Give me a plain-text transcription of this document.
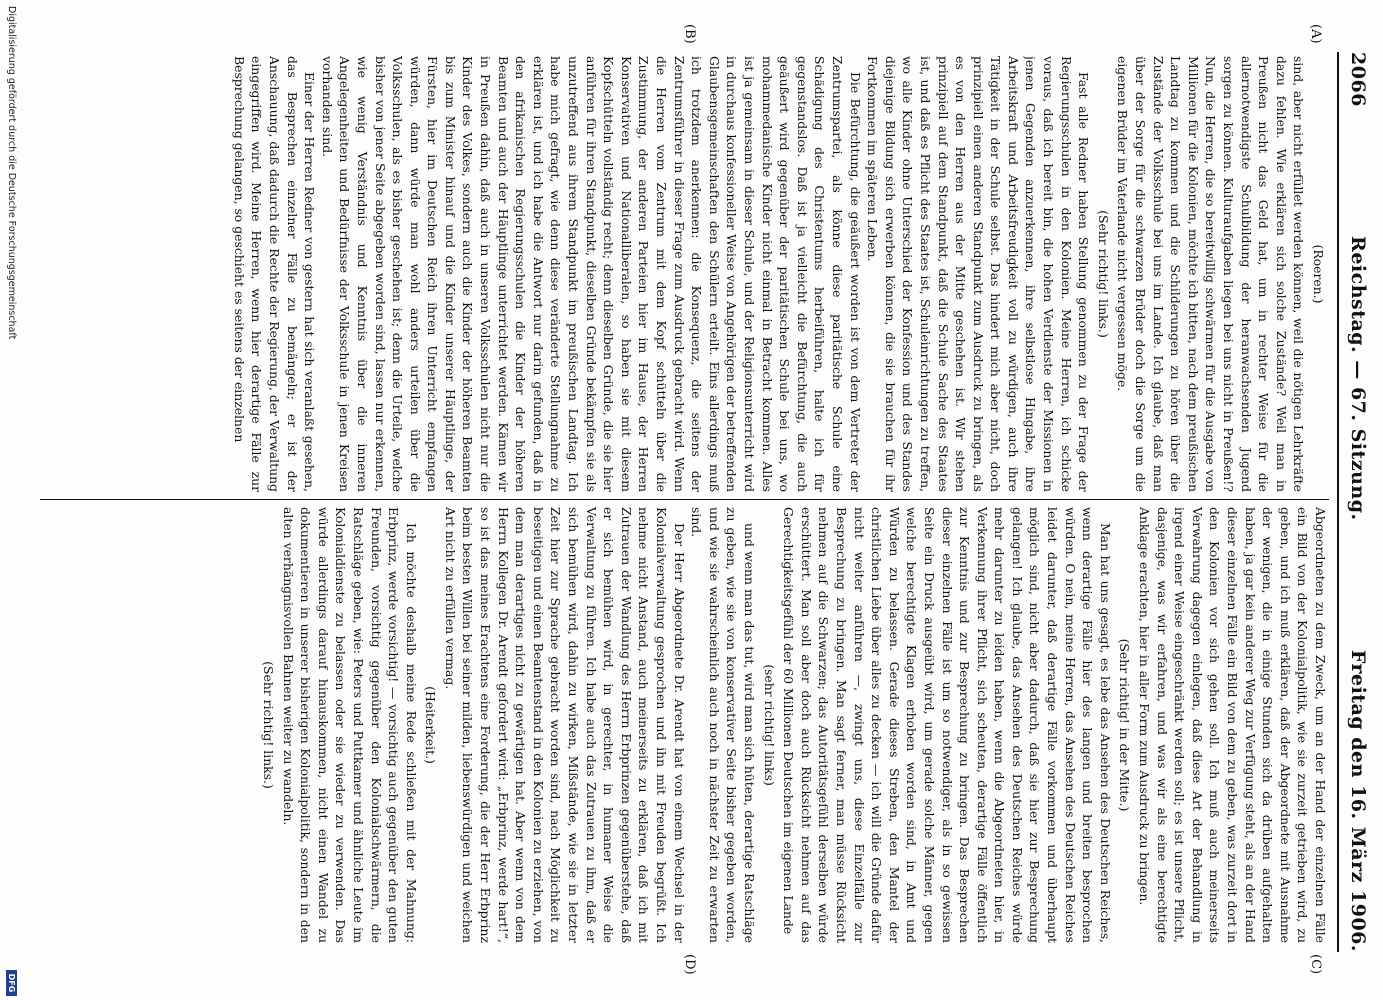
2066
Reichstag. — 67. Sitzung.
Freitag den 16. März 1906.
(A)
(B)
(C)
(D)

(Roeren.)

sind, aber nicht erfüllet werden können, weil die nötigen Lehrkräfte dazu fehlen. Wie erklären sich solche Zustände? Weil man in Preußen nicht das Geld hat, um in rechter Weise für die allernotwendigste Schulbildung der heranwachsenden Jugend sorgen zu können. Kulturaufgaben liegen bei uns nicht in Preußen!? Nun, die Herren, die so bereitwillig schwärmen für die Ausgabe von Millionen für die Kolonien, möchte ich bitten, nach dem preußischen Landtag zu kommen und die Schilderungen zu hören über die Zustände der Volksschule bei uns im Lande. Ich glaube, daß man über der Sorge für die schwarzen Brüder doch die Sorge um die eigenen Brüder im Vaterlande nicht vergessen möge.

(Sehr richtig! links.)

Fast alle Redner haben Stellung genommen zu der Frage der Regierungsschulen in den Kolonien. Meine Herren, ich schicke voraus, daß ich bereit bin, die hohen Verdienste der Missionen in jenen Gegenden anzuerkennen, ihre selbstlose Hingabe, ihre Arbeitskraft und Arbeitsfreudigkeit voll zu würdigen, auch ihre Tätigkeit in der Schule selbst. Das hindert mich aber nicht, doch prinzipiell einen anderen Standpunkt zum Ausdruck zu bringen, als es von den Herren aus der Mitte geschehen ist. Wir stehen prinzipiell auf dem Standpunkt, daß die Schule Sache des Staates ist, und daß es Pflicht des Staates ist, Schuleinrichtungen zu treffen, wo alle Kinder ohne Unterschied der Konfession und des Standes diejenige Bildung sich erwerben können, die sie brauchen für ihr Fortkommen im späteren Leben.

Die Befürchtung, die geäußert worden ist von dem Vertreter der Zentrumspartei, als könne diese paritätische Schule eine Schädigung des Christentums herbeiführen, halte ich für gegenstandslos. Daß ist ja vielleicht die Befürchtung, die auch geäußert wird gegenüber der paritätischen Schule bei uns, wo mohammedanische Kinder nicht einmal in Betracht kommen. Alles ist ja gemeinsam in dieser Schule, und der Religionsunterricht wird in durchaus konfessioneller Weise von Angehörigen der betreffenden Glaubensgemeinschaften den Schülern erteilt. Eins allerdings muß ich trotzdem anerkennen: die Konsequenz, die seitens der Zentrumsführer in dieser Frage zum Ausdruck gebracht wird. Wenn die Herren vom Zentrum mit dem Kopf schütteln über die Zustimmung, der anderen Parteien hier im Hause, der Herren Konservativen und Nationalliberalen, so haben sie mit diesem Kopfschütteln vollständig recht; denn dieselben Gründe, die sie hier anführen für ihren Standpunkt, dieselben Gründe bekämpfen sie als unzutreffend aus ihrem Standpunkt im preußischen Landtag. Ich habe mich gefragt, wie denn diese veränderte Stellungnahme zu erklären ist, und ich habe die Antwort nur darin gefunden, daß in den afrikanischen Regierungsschulen die Kinder der höheren Beamten und auch der Häuptlinge unterrichtet werden. Kämen wir in Preußen dahin, daß auch in unseren Volksschulen nicht nur die Kinder des Volkes, sondern auch die Kinder der höheren Beamten bis zum Minister hinauf und die Kinder unserer Häuptlinge, der Fürsten, hier im Deutschen Reich ihren Unterricht empfangen würden, dann würde man wohl anders urteilen über die Volksschulen, als es bisher geschehen ist; denn die Urteile, welche bisher von jener Seite abgegeben worden sind, lassen nur erkennen, wie wenig Verständnis und Kenntnis über die inneren Angelegenheiten und Bedürfnisse der Volksschule in jenen Kreisen vorhanden sind.

Einer der Herren Redner von gestern hat sich veranlaßt gesehen, das Besprechen einzelner Fälle zu bemängeln; er ist der Anschauung, daß dadurch die Rechte der Regierung, der Verwaltung eingegriffen wird. Meine Herren, wenn hier derartige Fälle zur Besprechung gelangen, so geschieht es seitens der einzelnen

Abgeordneten zu dem Zweck, um an der Hand der einzelnen Fälle ein Bild von der Kolonialpolitik, wie sie zurzeit getrieben wird, zu geben, und ich muß erklären, daß der Abgeordnete mit Ausnahme der wenigen, die in einige Stunden sich da drüben aufgehalten haben, ja gar kein anderer Weg zur Verfügung steht, als an der Hand dieser einzelnen Fälle ein Bild von dem zu geben, was zurzeit dort in den Kolonien vor sich gehen soll. Ich muß auch meinerseits Verwahrung dagegen einlegen, daß diese Art der Behandlung in irgend einer Weise eingeschränkt werden soll; es ist unsere Pflicht, dasjenige, was wir erfahren, und was wir als eine berechtigte Anklage erachten, hier in aller Form zum Ausdruck zu bringen.

(Sehr richtig! in der Mitte.)

Man hat uns gesagt, es lebe das Ansehen des Deutschen Reiches, wenn derartige Fälle hier des langen und breiten besprochen würden. O nein, meine Herren, das Ansehen des Deutschen Reiches leidet darunter, daß derartige Fälle vorkommen und überhaupt möglich sind, nicht aber dadurch, daß sie hier zur Besprechung gelangen! Ich glaube, das Ansehen des Deutschen Reiches würde mehr darunter zu leiden haben, wenn die Abgeordneten hier, in Verkennung ihrer Pflicht, sich scheuten, derartige Fälle öffentlich zur Kenntnis und zur Besprechung zu bringen. Das Besprechen dieser einzelnen Fälle ist um so notwendiger, als in so gewissen Seite ein Druck ausgeübt wird, um gerade solche Männer, gegen welche berechtigte Klagen erhoben worden sind, in Amt und Würden zu belassen. Gerade dieses Streben, den Mantel der christlichen Liebe über alles zu decken — ich will die Gründe dafür nicht weiter anführen —, zwingt uns, diese Einzelfälle zur Besprechung zu bringen. Man sagt ferner, man müsse Rücksicht nehmen auf die Schwarzen; das Autoritätsgefühl derselben würde erschüttert. Man soll aber doch auch Rücksicht nehmen auf das Gerechtigkeitsgefühl der 60 Millionen Deutschen im eigenen Lande

(sehr richtig! links)

und wenn man das tut, wird man sich hüten, derartige Ratschläge zu geben, wie sie von konservativer Seite bisher gegeben worden, und wie sie wahrscheinlich auch noch in nächster Zeit zu erwarten sind.

Der Herr Abgeordnete Dr. Arendt hat von einem Wechsel in der Kolonialverwaltung gesprochen und ihn mit Freuden begrüßt. Ich nehme nicht Anstand, auch meinerseits zu erklären, daß ich mit Zutrauen der Wandlung des Herrn Erbprinzen gegenüberstehe, daß er sich bemühen wird, in gerechter, in humaner Weise die Verwaltung zu führen. Ich habe auch das Zutrauen zu ihm, daß er sich bemühen wird, dahin zu wirken, Mißstände, wie sie in letzter Zeit hier zur Sprache gebracht worden sind, nach Möglichkeit zu beseitigen und einen Beamtenstand in den Kolonien zu erziehen, von dem man derartiges nicht zu gewärtigen hat. Aber wenn von dem Herrn Kollegen Dr. Arendt gefordert wird: „Erbprinz, werde hart!“, so ist das meines Erachtens eine Forderung, die der Herr Erbprinz beim besten Willen bei seiner milden, liebenswürdigen und weichen Art nicht zu erfüllen vermag.

(Heiterkeit.)

Ich möchte deshalb meine Rede schließen mit der Mahnung: Erbprinz, werde vorsichtig! — vorsichtig auch gegenüber den guten Freunden, vorsichtig gegenüber den Kolonialschwärmern, die Ratschläge geben, wie: Peters und Puttkamer und ähnliche Leute im Kolonialdienste zu belassen oder sie wieder zu verwenden. Das würde allerdings darauf hinauskommen, nicht einen Wandel zu dokumentieren in unserer bisherigen Kolonialpolitik, sondern in den alten verhängnisvollen Bahnen weiter zu wandeln.

(Sehr richtig! links.)

Digitalisierung gefördert durch die Deutsche Forschungsgemeinschaft
DFG
